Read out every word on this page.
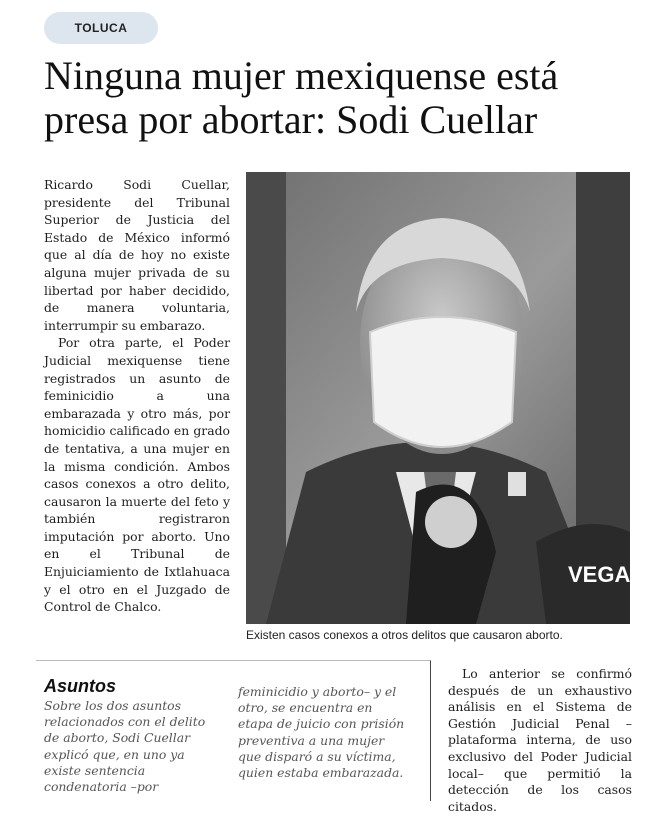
TOLUCA
Ninguna mujer mexiquense está presa por abortar: Sodi Cuellar

Ricardo Sodi Cuellar, presidente del Tribunal Superior de Justicia del Estado de México informó que al día de hoy no existe alguna mujer privada de su libertad por haber decidido, de manera voluntaria, interrumpir su embarazo.

Por otra parte, el Poder Judicial mexiquense tiene registrados un asunto de feminicidio a una embarazada y otro más, por homicidio calificado en grado de tentativa, a una mujer en la misma condición. Ambos casos conexos a otro delito, causaron la muerte del feto y también registraron imputación por aborto. Uno en el Tribunal de Enjuiciamiento de Ixtlahuaca y el otro en el Juzgado de Control de Chalco.

VEGA
Existen casos conexos a otros delitos que causaron aborto.
Asuntos
Sobre los dos asuntos relacionados con el delito de aborto, Sodi Cuellar explicó que, en uno ya existe sentencia condenatoria –por
feminicidio y aborto– y el otro, se encuentra en etapa de juicio con prisión preventiva a una mujer que disparó a su víctima, quien estaba embarazada.
Lo anterior se confirmó después de un exhaustivo análisis en el Sistema de Gestión Judicial Penal –plataforma interna, de uso exclusivo del Poder Judicial local– que permitió la detección de los casos citados.
